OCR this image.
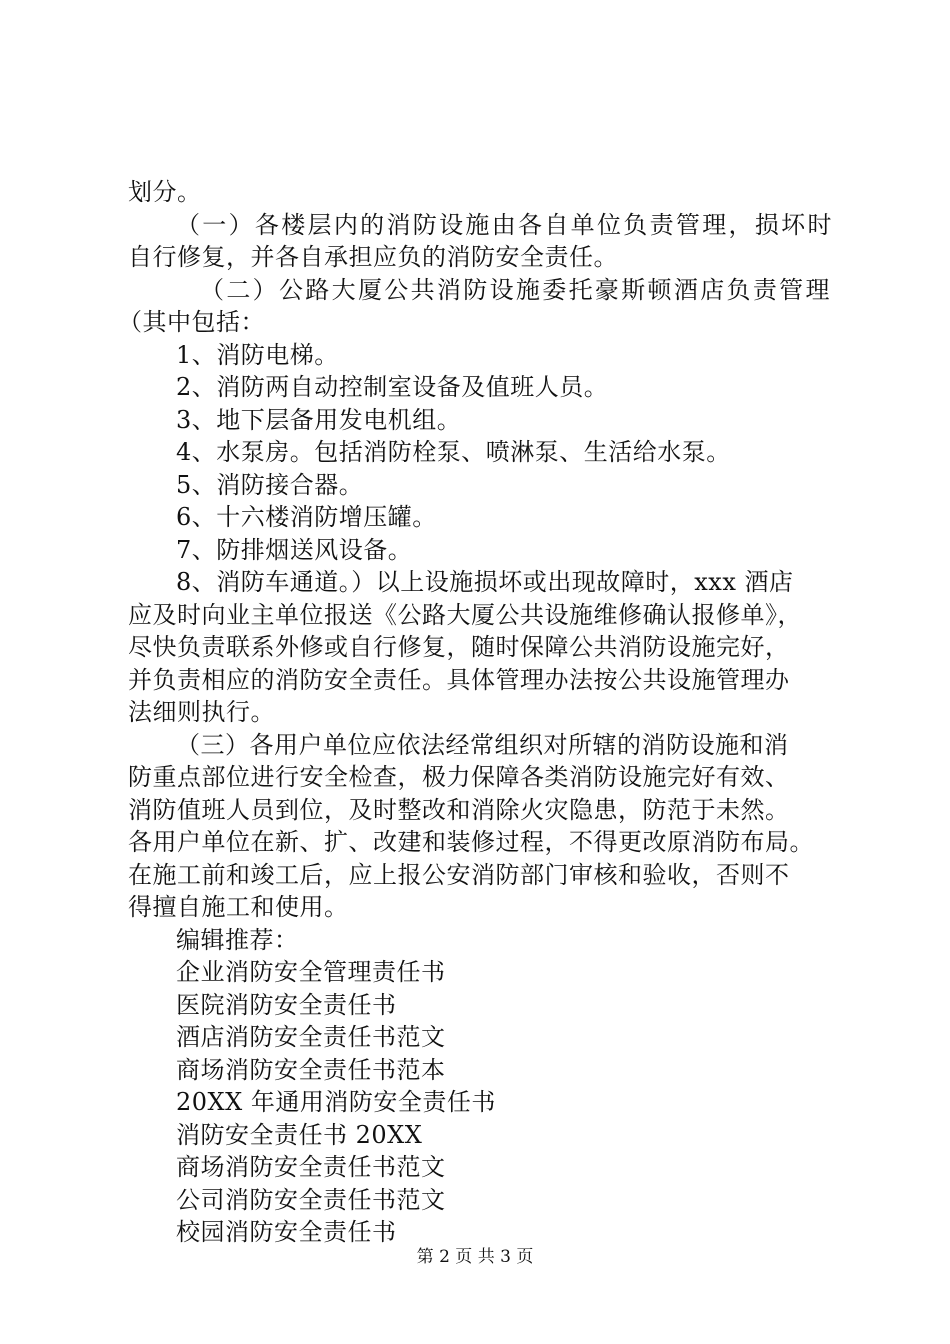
划分。
（一）各楼层内的消防设施由各自单位负责管理，损坏时
自行修复，并各自承担应负的消防安全责任。
（二）公路大厦公共消防设施委托豪斯顿酒店负责管理
（其中包括：
1、消防电梯。
2、消防两自动控制室设备及值班人员。
3、地下层备用发电机组。
4、水泵房。包括消防栓泵、喷淋泵、生活给水泵。
5、消防接合器。
6、十六楼消防增压罐。
7、防排烟送风设备。
8、消防车通道。）以上设施损坏或出现故障时，xxx 酒店
应及时向业主单位报送《公路大厦公共设施维修确认报修单》，
尽快负责联系外修或自行修复，随时保障公共消防设施完好，
并负责相应的消防安全责任。具体管理办法按公共设施管理办
法细则执行。
（三）各用户单位应依法经常组织对所辖的消防设施和消
防重点部位进行安全检查，极力保障各类消防设施完好有效、
消防值班人员到位，及时整改和消除火灾隐患，防范于未然。
各用户单位在新、扩、改建和装修过程，不得更改原消防布局。
在施工前和竣工后，应上报公安消防部门审核和验收，否则不
得擅自施工和使用。
编辑推荐：
企业消防安全管理责任书
医院消防安全责任书
酒店消防安全责任书范文
商场消防安全责任书范本
20XX 年通用消防安全责任书
消防安全责任书 20XX
商场消防安全责任书范文
公司消防安全责任书范文
校园消防安全责任书
第 2 页 共 3 页
